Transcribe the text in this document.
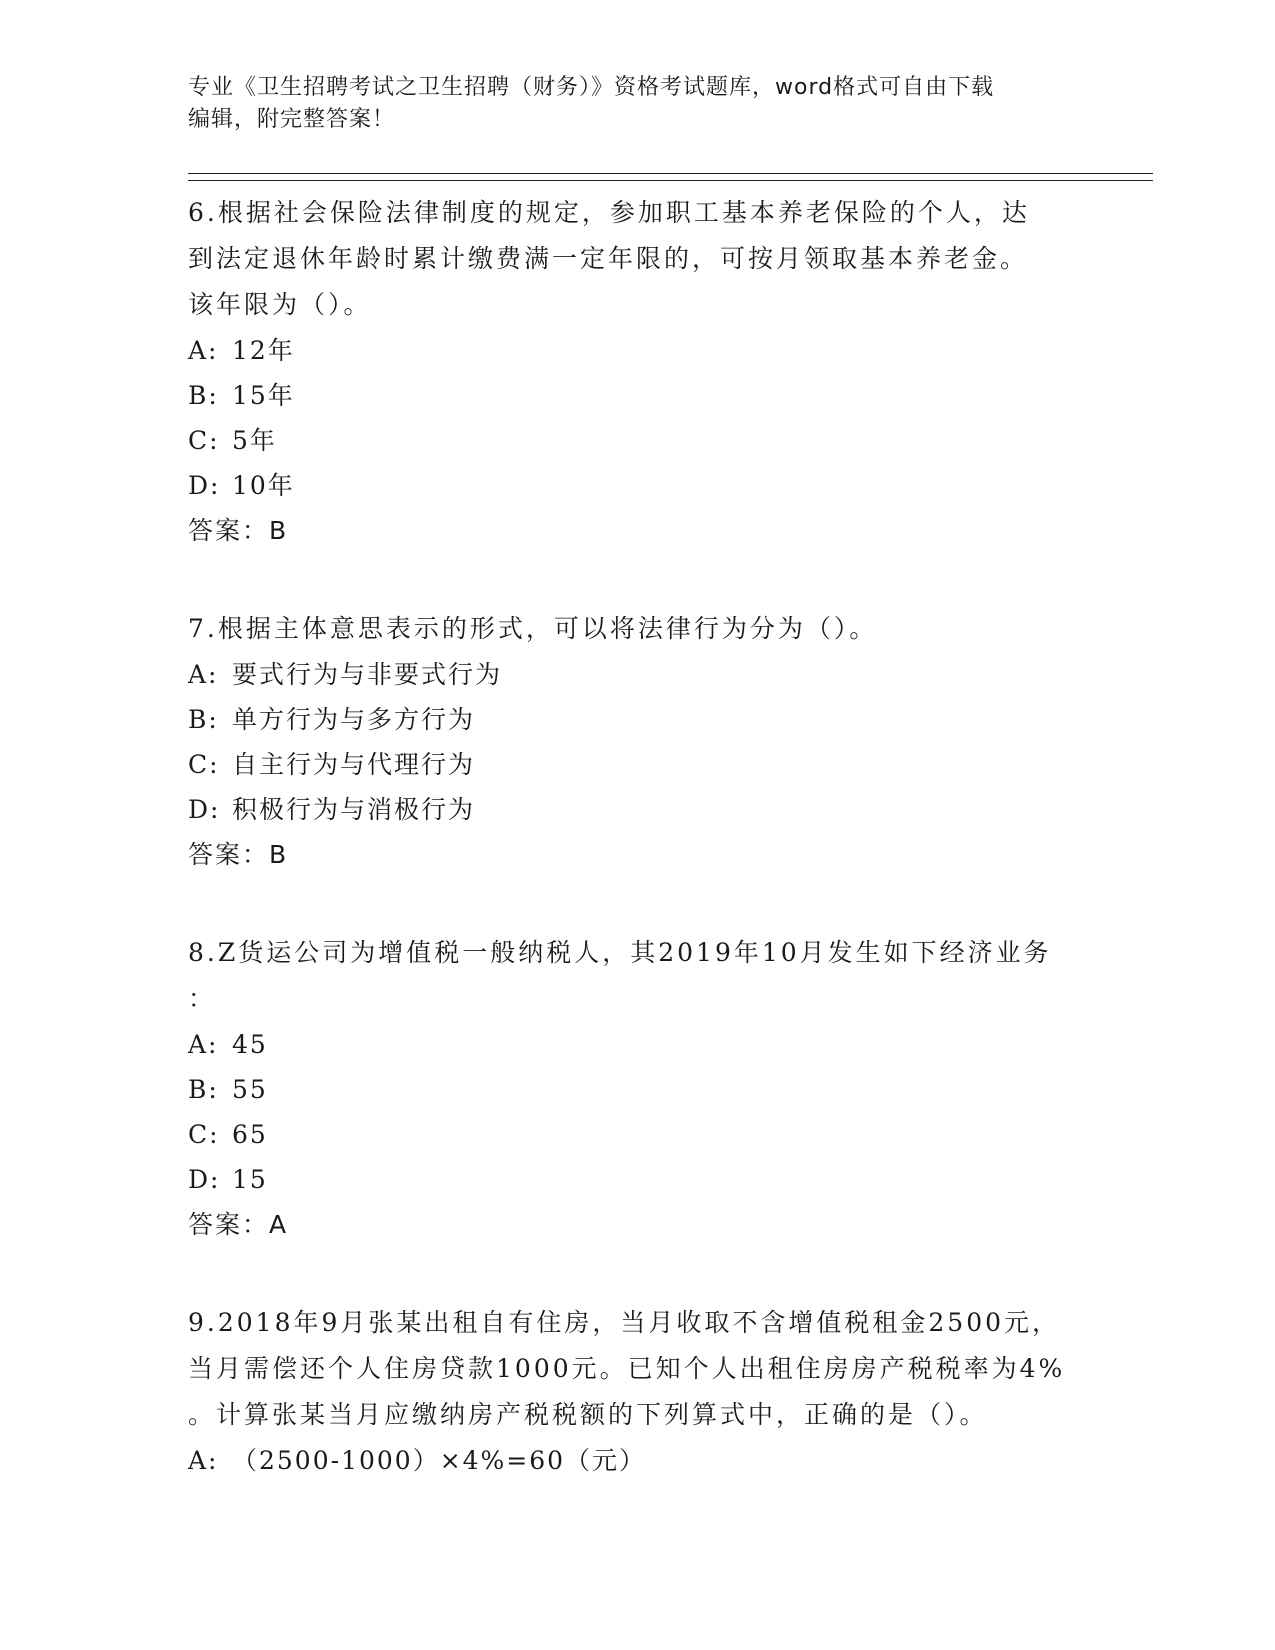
专业《卫生招聘考试之卫生招聘（财务）》资格考试题库，word格式可自由下载
编辑，附完整答案！
6.根据社会保险法律制度的规定，参加职工基本养老保险的个人，达
到法定退休年龄时累计缴费满一定年限的，可按月领取基本养老金。
该年限为（）。
A: 12年
B: 15年
C: 5年
D: 10年
答案：B
7.根据主体意思表示的形式，可以将法律行为分为（）。
A: 要式行为与非要式行为
B: 单方行为与多方行为
C: 自主行为与代理行为
D: 积极行为与消极行为
答案：B
8.Z货运公司为增值税一般纳税人，其2019年10月发生如下经济业务
：
A: 45
B: 55
C: 65
D: 15
答案：A
9.2018年9月张某出租自有住房，当月收取不含增值税租金2500元，
当月需偿还个人住房贷款1000元。已知个人出租住房房产税税率为4%
。计算张某当月应缴纳房产税税额的下列算式中，正确的是（）。
A: （2500-1000）×4%=60（元）
